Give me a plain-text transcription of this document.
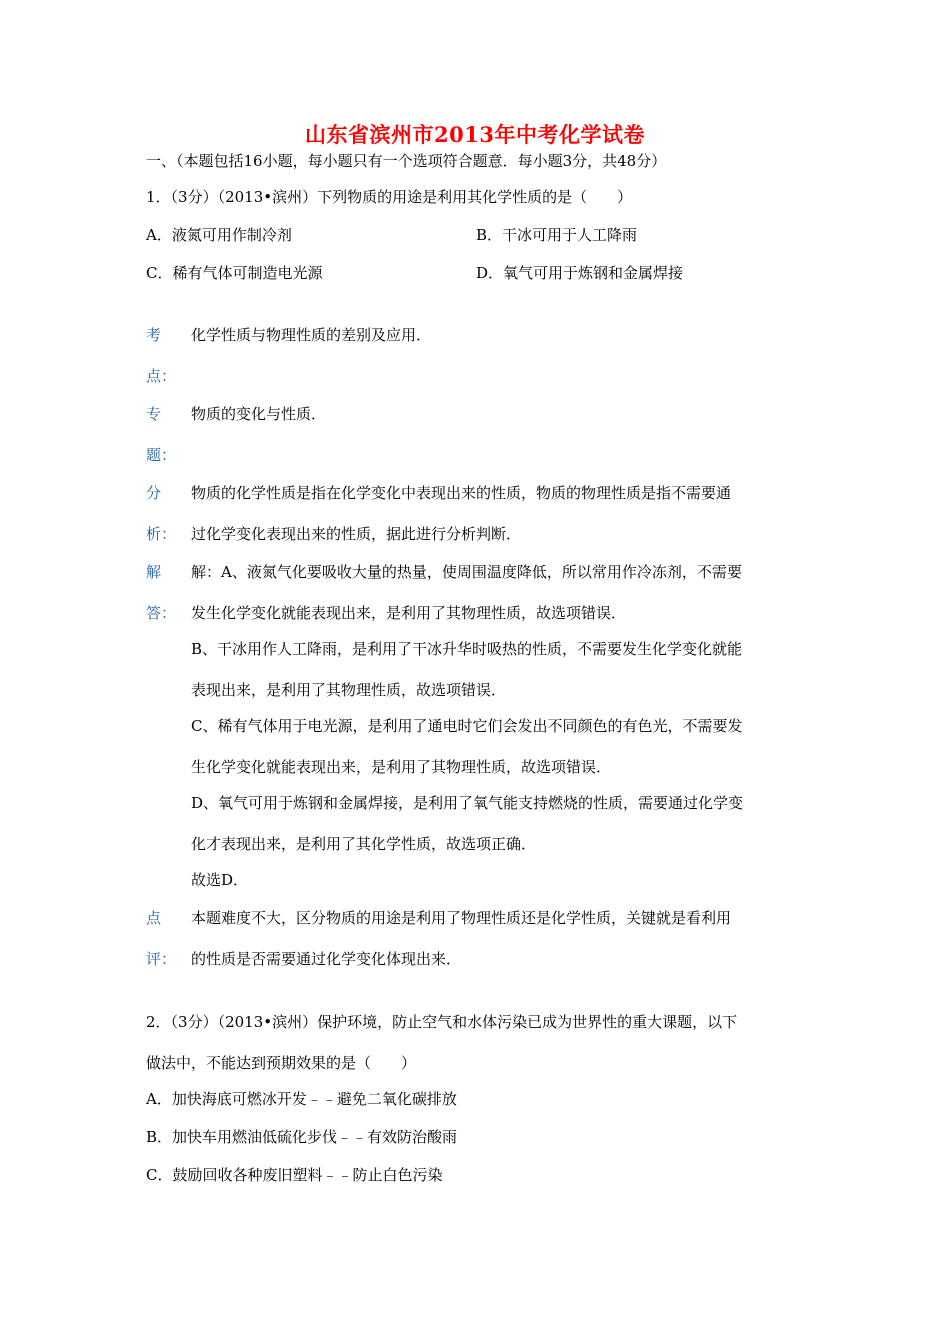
山东省滨州市2013年中考化学试卷
一、（本题包括16小题，每小题只有一个选项符合题意．每小题3分，共48分）
1．（3分）（2013•滨州）下列物质的用途是利用其化学性质的是（　　）
A．液氮可用作制冷剂	B．干冰可用于人工降雨
C．稀有气体可制造电光源	D．氧气可用于炼钢和金属焊接
考 化学性质与物理性质的差别及应用．
点：
专 物质的变化与性质．
题：
分 物质的化学性质是指在化学变化中表现出来的性质，物质的物理性质是指不需要通
析： 过化学变化表现出来的性质，据此进行分析判断．
解 解：A、液氮气化要吸收大量的热量，使周围温度降低，所以常用作冷冻剂，不需要
答： 发生化学变化就能表现出来，是利用了其物理性质，故选项错误．
B、干冰用作人工降雨，是利用了干冰升华时吸热的性质，不需要发生化学变化就能
表现出来，是利用了其物理性质，故选项错误．
C、稀有气体用于电光源，是利用了通电时它们会发出不同颜色的有色光，不需要发
生化学变化就能表现出来，是利用了其物理性质，故选项错误．
D、氧气可用于炼钢和金属焊接，是利用了氧气能支持燃烧的性质，需要通过化学变
化才表现出来，是利用了其化学性质，故选项正确．
故选D．
点 本题难度不大，区分物质的用途是利用了物理性质还是化学性质，关键就是看利用
评： 的性质是否需要通过化学变化体现出来．
2．（3分）（2013•滨州）保护环境，防止空气和水体污染已成为世界性的重大课题，以下
做法中，不能达到预期效果的是（　　）
A．加快海底可燃冰开发﹣﹣避免二氧化碳排放
B．加快车用燃油低硫化步伐﹣﹣有效防治酸雨
C．鼓励回收各种废旧塑料﹣﹣防止白色污染
